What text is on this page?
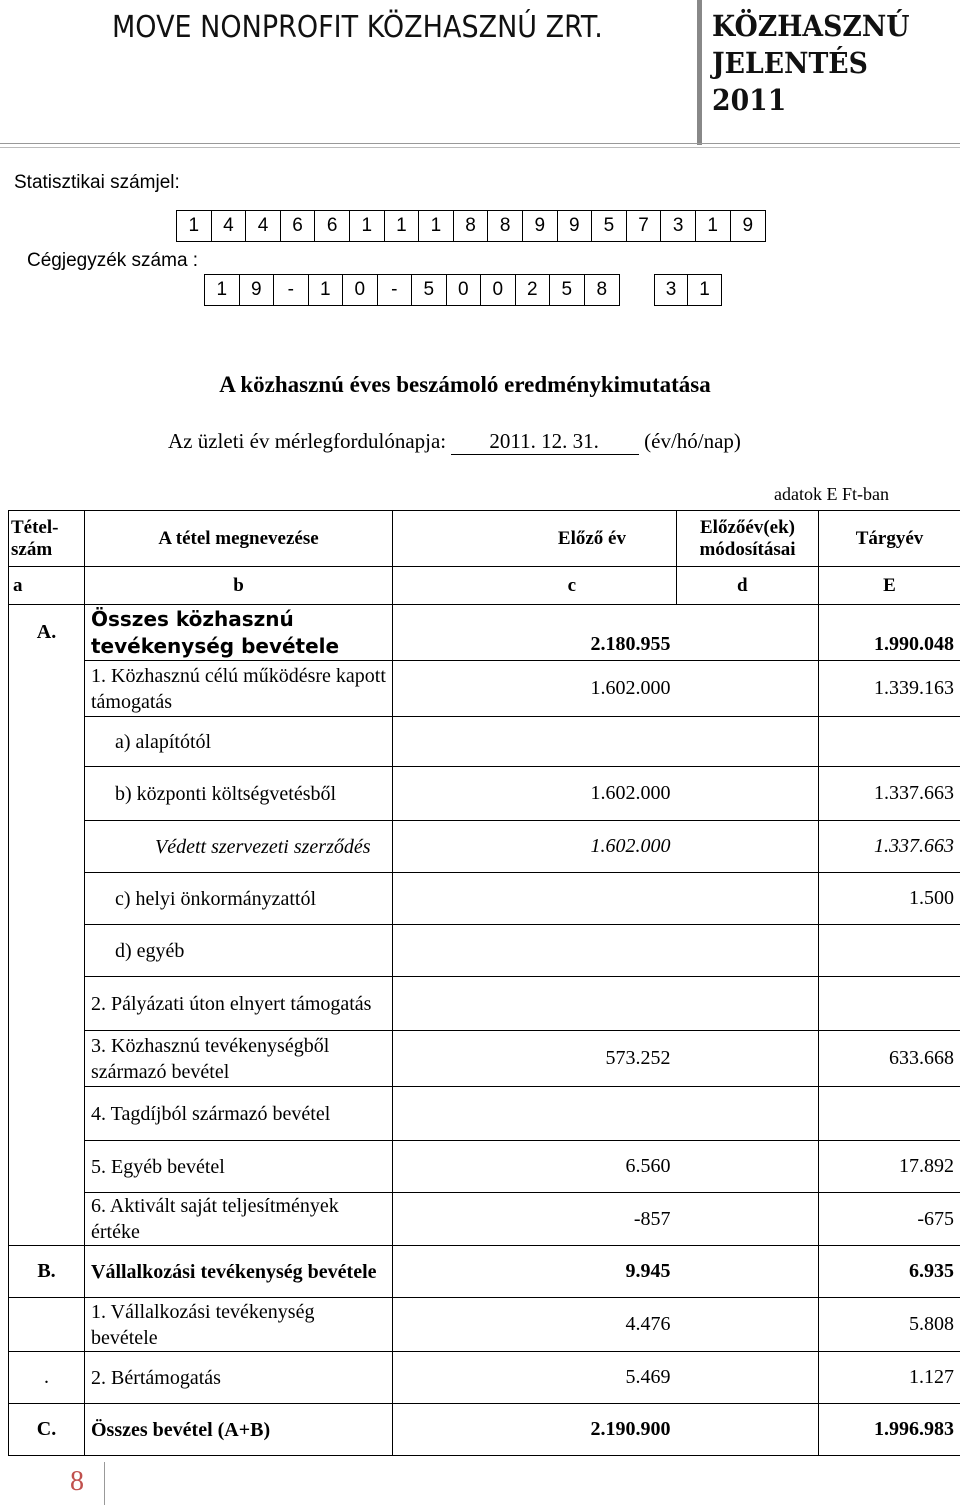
MOVE NONPROFIT KÖZHASZNÚ ZRT.	KÖZHASZNÚ
JELENTÉS
2011
Statisztikai számjel:
1	4	4	6	6	1	1	1	8	8	9	9	5	7	3	1	9
Cégjegyzék száma :
1	9	-	1	0	-	5	0	0	2	5	8	3	1
A közhasznú éves beszámoló eredménykimutatása
Az üzleti év mérlegfordulónapja: 2011. 12. 31. (év/hó/nap)
adatok E Ft-ban
Tétel-szám	A tétel megnevezése	Előző év	Előzőév(ek) módosításai	Tárgyév
a	b	c	d	E
A.	Összes közhasznú tevékenység bevétele	2.180.955		1.990.048
	1. Közhasznú célú működésre kapott támogatás	1.602.000		1.339.163
	a) alapítótól			
	b) központi költségvetésből	1.602.000		1.337.663
	Védett szervezeti szerződés	1.602.000		1.337.663
	c) helyi önkormányzattól			1.500
	d) egyéb			
	2. Pályázati úton elnyert támogatás			
	3. Közhasznú tevékenységből származó bevétel	573.252		633.668
	4. Tagdíjból származó bevétel			
	5. Egyéb bevétel	6.560		17.892
	6. Aktivált saját teljesítmények értéke	-857		-675
B.	Vállalkozási tevékenység bevétele	9.945		6.935
	1. Vállalkozási tevékenység bevétele	4.476		5.808
.	2. Bértámogatás	5.469		1.127
C.	Összes bevétel (A+B)	2.190.900		1.996.983
8
